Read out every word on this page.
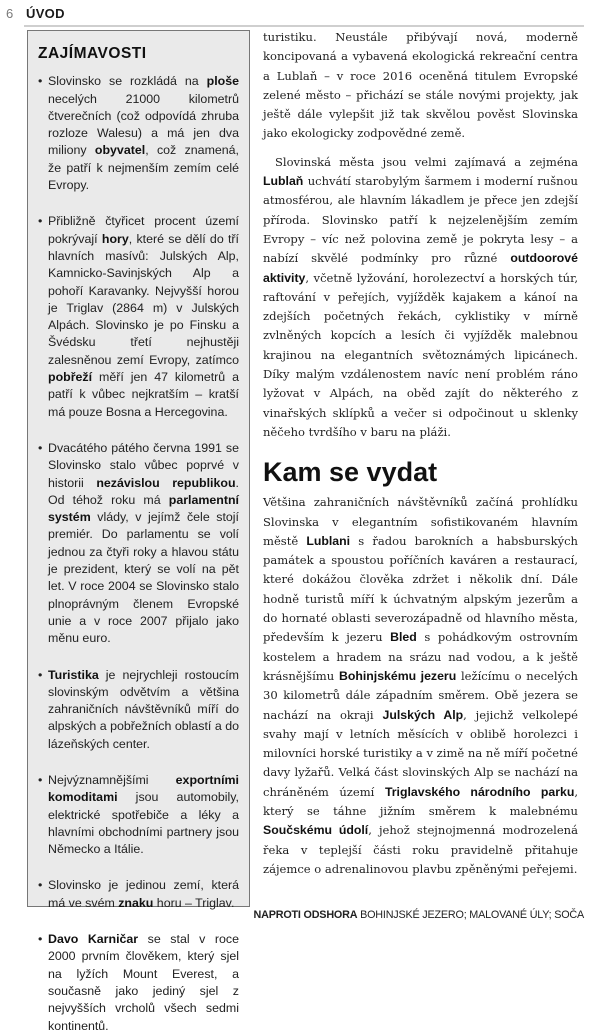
6 ÚVOD
ZAJÍMAVOSTI
• Slovinsko se rozkládá na ploše necelých 21000 kilometrů čtverečních (což odpovídá zhruba rozloze Walesu) a má jen dva miliony obyvatel, což znamená, že patří k nejmenším zemím celé Evropy.
• Přibližně čtyřicet procent území pokrývají hory, které se dělí do tří hlavních masívů: Julských Alp, Kamnicko-Savinjských Alp a pohoří Karavanky. Nejvyšší horou je Triglav (2864 m) v Julských Alpách. Slovinsko je po Finsku a Švédsku třetí nejhustěji zalesněnou zemí Evropy, zatímco pobřeží měří jen 47 kilometrů a patří k vůbec nejkratším – kratší má pouze Bosna a Hercegovina.
• Dvacátého pátého června 1991 se Slovinsko stalo vůbec poprvé v historii nezávislou republikou. Od téhož roku má parlamentní systém vlády, v jejímž čele stojí premiér. Do parlamentu se volí jednou za čtyři roky a hlavou státu je prezident, který se volí na pět let. V roce 2004 se Slovinsko stalo plnoprávným členem Evropské unie a v roce 2007 přijalo jako měnu euro.
• Turistika je nejrychleji rostoucím slovinským odvětvím a většina zahraničních návštěvníků míří do alpských a pobřežních oblastí a do lázeňských center.
• Nejvýznamnějšími exportními komoditami jsou automobily, elektrické spotřebiče a léky a hlavními obchodními partnery jsou Německo a Itálie.
• Slovinsko je jedinou zemí, která má ve svém znaku horu – Triglav.
• Davo Karničar se stal v roce 2000 prvním člověkem, který sjel na lyžích Mount Everest, a současně jako jediný sjel z nejvyšších vrcholů všech sedmi kontinentů.

turistiku. Neustále přibývají nová, moderně koncipovaná a vybavená ekologická rekreační centra a Lublaň – v roce 2016 oceněná titulem Evropské zelené město – přichází se stále novými projekty, jak ještě dále vylepšit již tak skvělou pověst Slovinska jako ekologicky zodpovědné země.

Slovinská města jsou velmi zajímavá a zejména Lublaň uchvátí starobylým šarmem i moderní rušnou atmosférou, ale hlavním lákadlem je přece jen zdejší příroda. Slovinsko patří k nejzelenějším zemím Evropy – víc než polovina země je pokryta lesy – a nabízí skvělé podmínky pro různé outdoorové aktivity, včetně lyžování, horolezectví a horských túr, raftování v peřejích, vyjížděk kajakem a kánoí na zdejších početných řekách, cyklistiky v mírně zvlněných kopcích a lesích či vyjížděk malebnou krajinou na elegantních světoznámých lipicánech. Díky malým vzdálenostem navíc není problém ráno lyžovat v Alpách, na oběd zajít do některého z vinařských sklípků a večer si odpočinout u sklenky něčeho tvrdšího v baru na pláži.

Kam se vydat

Většina zahraničních návštěvníků začíná prohlídku Slovinska v elegantním sofistikovaném hlavním městě Lublani s řadou barokních a habsburských památek a spoustou poříčních kaváren a restaurací, které dokážou člověka zdržet i několik dní. Dále hodně turistů míří k úchvatným alpským jezerům a do hornaté oblasti severozápadně od hlavního města, především k jezeru Bled s pohádkovým ostrovním kostelem a hradem na srázu nad vodou, a k ještě krásnějšímu Bohinjskému jezeru ležícímu o necelých 30 kilometrů dále západním směrem. Obě jezera se nachází na okraji Julských Alp, jejichž velkolepé svahy mají v letních měsících v oblibě horolezci i milovníci horské turistiky a v zimě na ně míří početné davy lyžařů. Velká část slovinských Alp se nachází na chráněném území Triglavského národního parku, který se táhne jižním směrem k malebnému Součskému údolí, jehož stejnojmenná modrozelená řeka v teplejší části roku pravidelně přitahuje zájemce o adrenalinovou plavbu zpěněnými peřejemi.

NAPROTI ODSHORA BOHINJSKÉ JEZERO; MALOVANÉ ÚLY; SOČA
